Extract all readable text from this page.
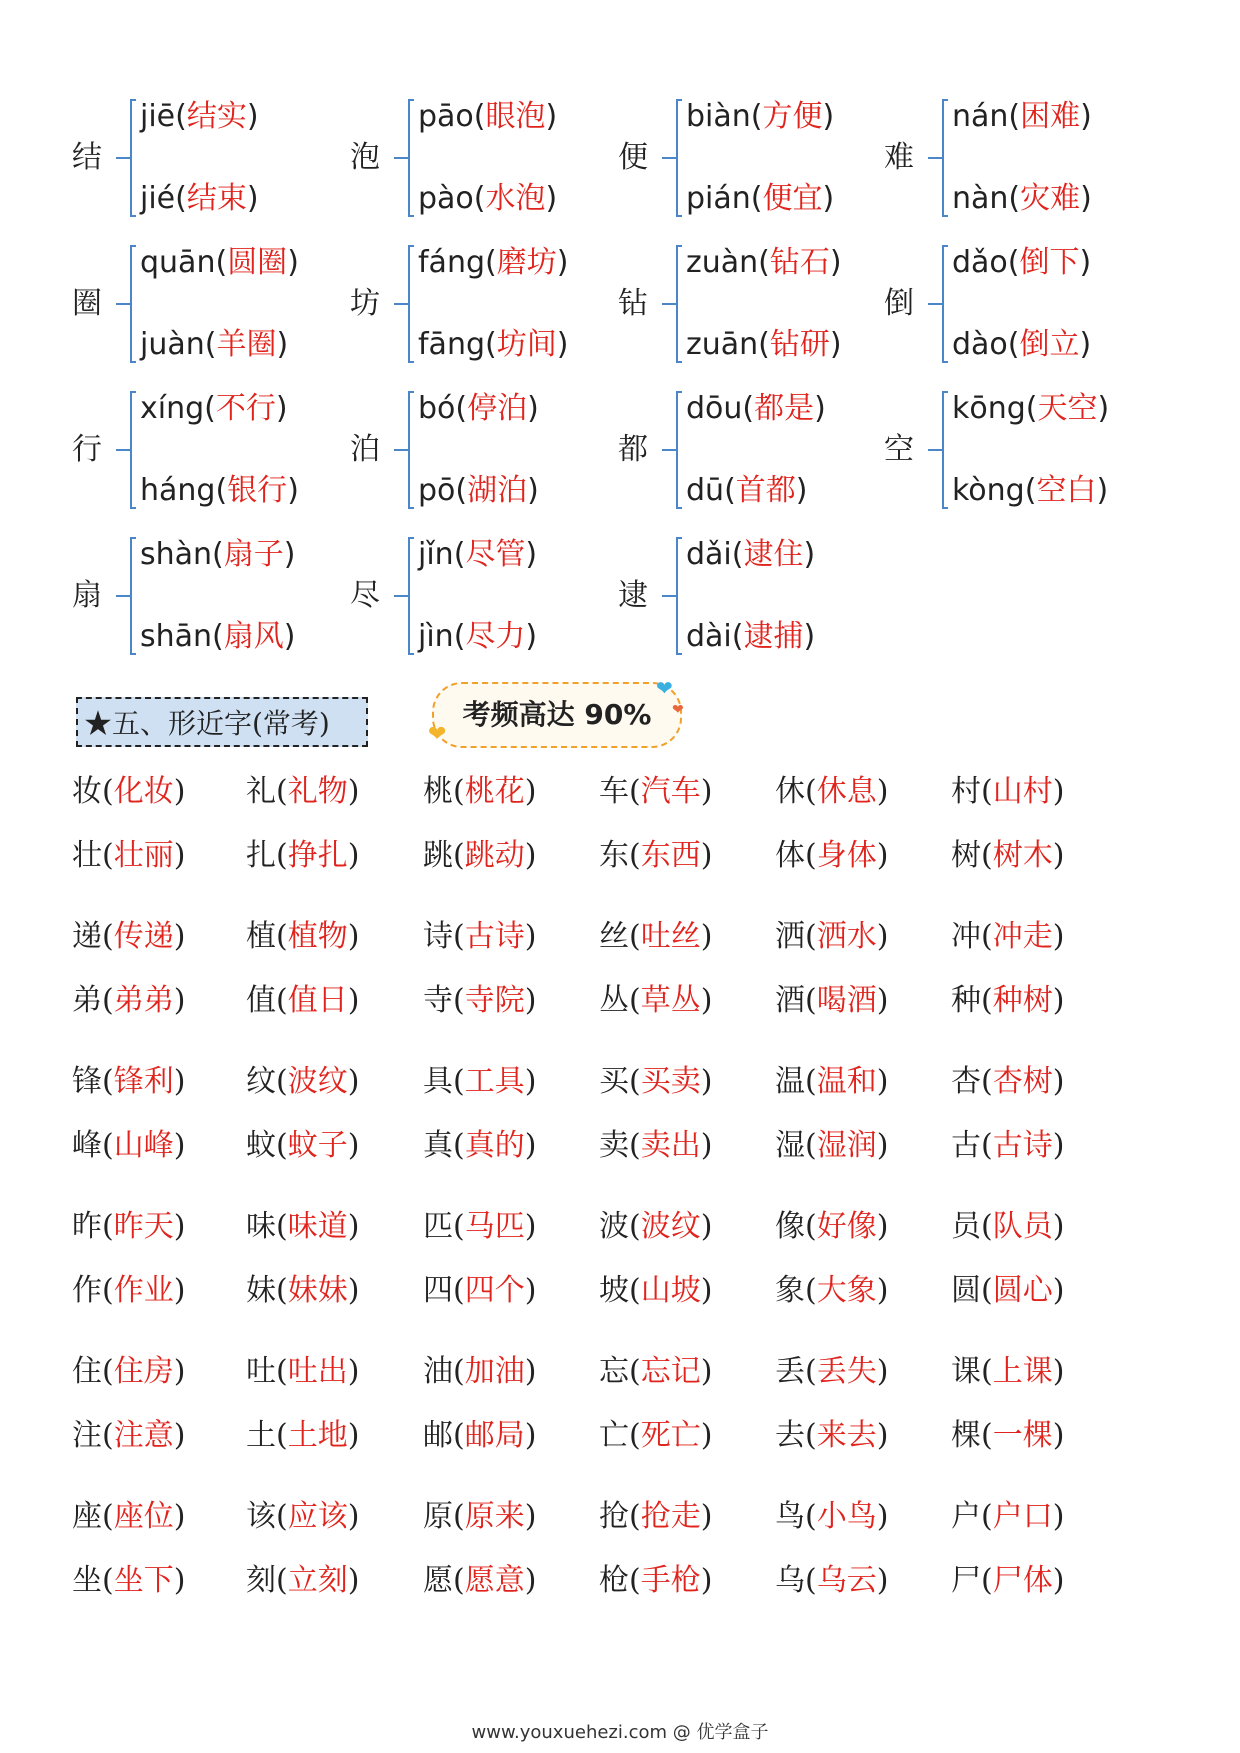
结
jiē(结实)
jié(结束)
泡
pāo(眼泡)
pào(水泡)
便
biàn(方便)
pián(便宜)
难
nán(困难)
nàn(灾难)
圈
quān(圆圈)
juàn(羊圈)
坊
fáng(磨坊)
fāng(坊间)
钻
zuàn(钻石)
zuān(钻研)
倒
dǎo(倒下)
dào(倒立)
行
xíng(不行)
háng(银行)
泊
bó(停泊)
pō(湖泊)
都
dōu(都是)
dū(首都)
空
kōng(天空)
kòng(空白)
扇
shàn(扇子)
shān(扇风)
尽
jǐn(尽管)
jìn(尽力)
逮
dǎi(逮住)
dài(逮捕)
★五、形近字(常考)	考频高达 90%
❤
❤
❤
妆(化妆)	礼(礼物)	桃(桃花)	车(汽车)	休(休息)	村(山村)
壮(壮丽)	扎(挣扎)	跳(跳动)	东(东西)	体(身体)	树(树木)
递(传递)	植(植物)	诗(古诗)	丝(吐丝)	洒(洒水)	冲(冲走)
弟(弟弟)	值(值日)	寺(寺院)	丛(草丛)	酒(喝酒)	种(种树)
锋(锋利)	纹(波纹)	具(工具)	买(买卖)	温(温和)	杏(杏树)
峰(山峰)	蚊(蚊子)	真(真的)	卖(卖出)	湿(湿润)	古(古诗)
昨(昨天)	味(味道)	匹(马匹)	波(波纹)	像(好像)	员(队员)
作(作业)	妹(妹妹)	四(四个)	坡(山坡)	象(大象)	圆(圆心)
住(住房)	吐(吐出)	油(加油)	忘(忘记)	丢(丢失)	课(上课)
注(注意)	土(土地)	邮(邮局)	亡(死亡)	去(来去)	棵(一棵)
座(座位)	该(应该)	原(原来)	抢(抢走)	鸟(小鸟)	户(户口)
坐(坐下)	刻(立刻)	愿(愿意)	枪(手枪)	乌(乌云)	尸(尸体)
www.youxuehezi.com @ 优学盒子
